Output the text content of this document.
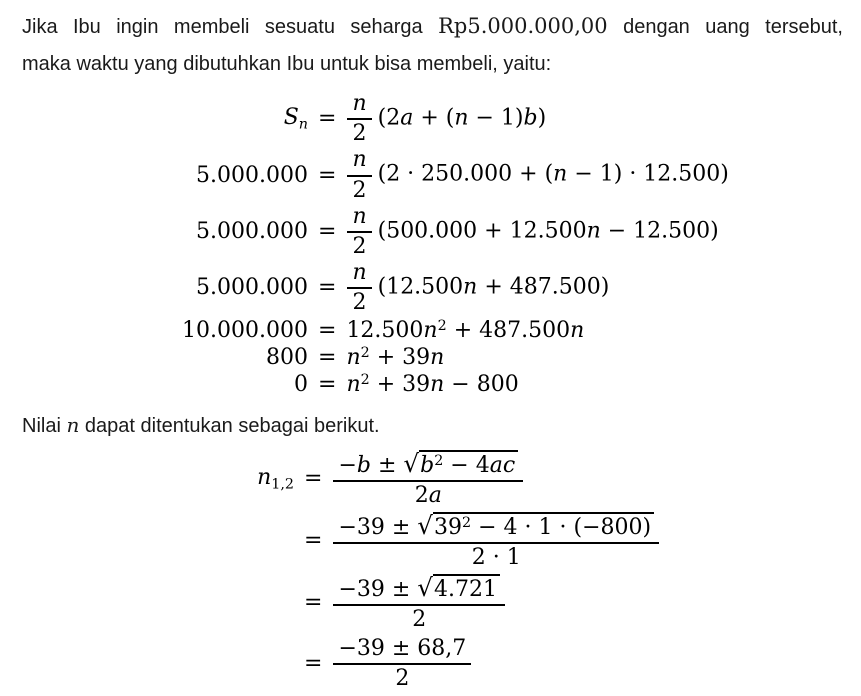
Jika Ibu ingin membeli sesuatu seharga Rp5.000.000,00 dengan uang tersebut,
maka waktu yang dibutuhkan Ibu untuk bisa membeli, yaitu:
$S_n = \frac{n}{2} (2a + (n - 1)b)$
$5.000.000 = \frac{n}{2} (2 \cdot 250.000 + (n - 1) \cdot 12.500)$
$5.000.000 = \frac{n}{2} (500.000 + 12.500n - 12.500)$
$5.000.000 = \frac{n}{2} (12.500n + 487.500)$
$10.000.000 = 12.500n^2 + 487.500n$
$800 = n^2 + 39n$
$0 = n^2 + 39n - 800$
Nilai n dapat ditentukan sebagai berikut.
$n_{1,2} = \frac{-b \pm √b^2 - 4ac}{2a}$
= $\frac{-39 \pm √39^2 - 4 \cdot 1 \cdot (-800)}{2 \cdot 1}$
= $\frac{-39 \pm √4.721}{2}$
= $\frac{-39 \pm 68,7}{2}$
